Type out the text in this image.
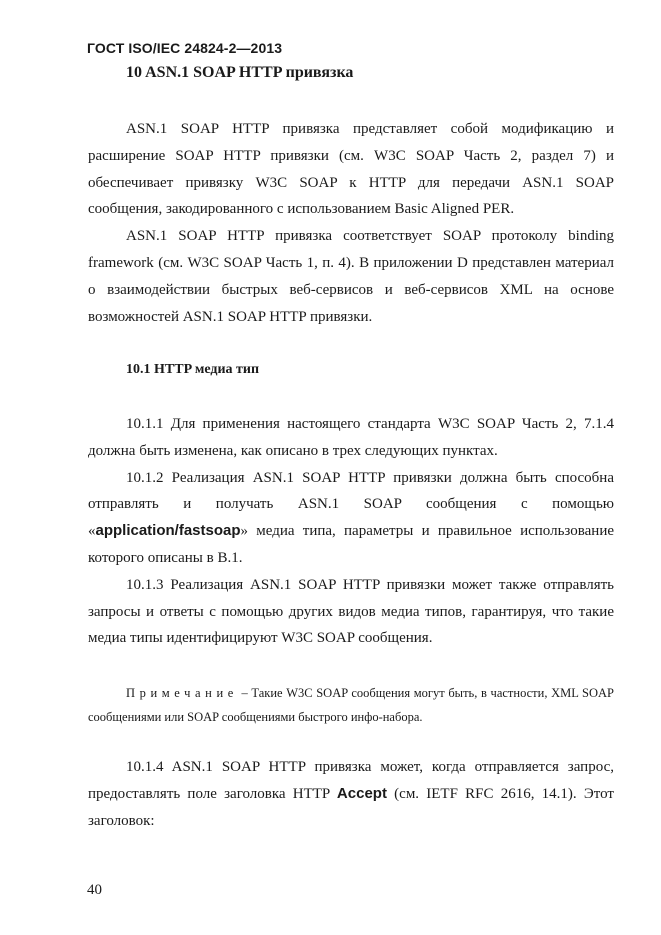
ГОСТ ISO/IEC 24824-2—2013
10 ASN.1 SOAP HTTP привязка

ASN.1 SOAP HTTP привязка представляет собой модификацию и расширение SOAP HTTP привязки (см. W3C SOAP Часть 2, раздел 7) и обеспечивает привязку W3C SOAP к HTTP для передачи ASN.1 SOAP сообщения, закодированного с использованием Basic Aligned PER.

ASN.1 SOAP HTTP привязка соответствует SOAP протоколу binding framework (см. W3C SOAP Часть 1, п. 4). В приложении D представлен материал о взаимодействии быстрых веб-сервисов и веб-сервисов XML на основе возможностей ASN.1 SOAP HTTP привязки.

10.1 HTTP медиа тип

10.1.1 Для применения настоящего стандарта W3C SOAP Часть 2, 7.1.4 должна быть изменена, как описано в трех следующих пунктах.

10.1.2 Реализация ASN.1 SOAP HTTP привязки должна быть способна отправлять и получать ASN.1 SOAP сообщения с помощью «application/fastsoap» медиа типа, параметры и правильное использование которого описаны в B.1.

10.1.3 Реализация ASN.1 SOAP HTTP привязки может также отправлять запросы и ответы с помощью других видов медиа типов, гарантируя, что такие медиа типы идентифицируют W3C SOAP сообщения.

Примечание – Такие W3C SOAP сообщения могут быть, в частности, XML SOAP сообщениями или SOAP сообщениями быстрого инфо-набора.

10.1.4 ASN.1 SOAP HTTP привязка может, когда отправляется запрос, предоставлять поле заголовка HTTP Accept (см. IETF RFC 2616, 14.1). Этот заголовок:

40
